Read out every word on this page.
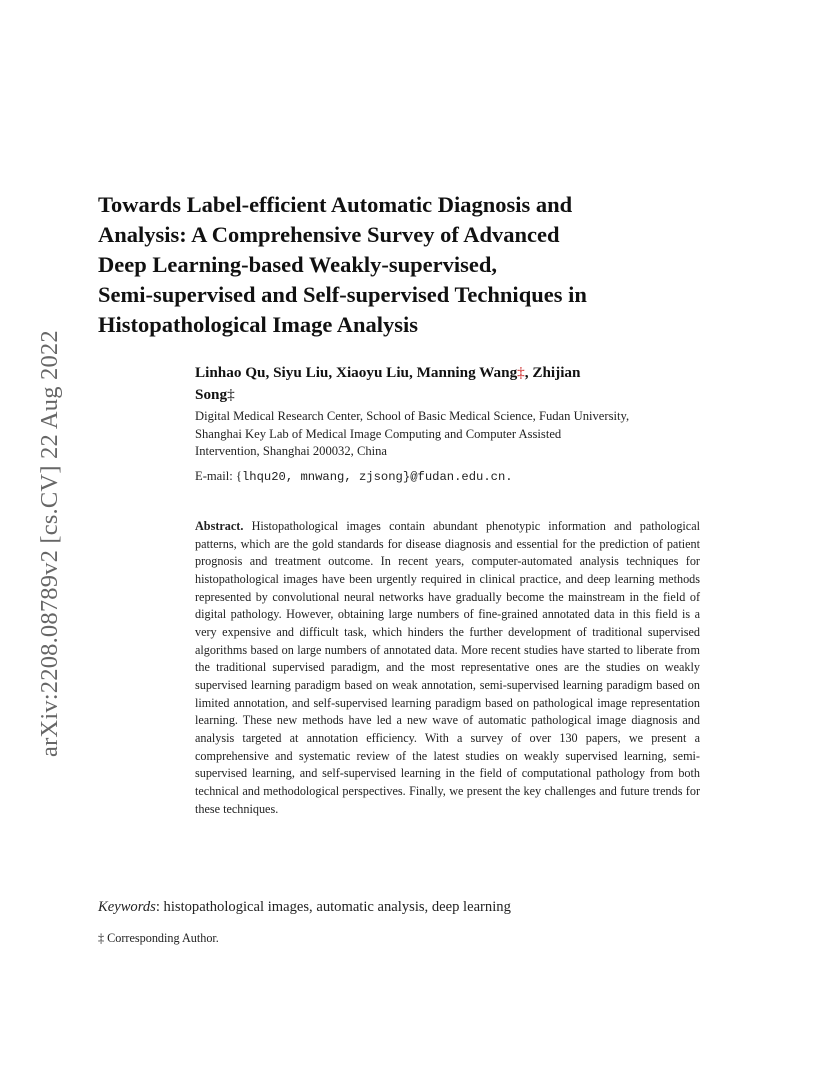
arXiv:2208.08789v2 [cs.CV] 22 Aug 2022
Towards Label-efficient Automatic Diagnosis and
Analysis: A Comprehensive Survey of Advanced
Deep Learning-based Weakly-supervised,
Semi-supervised and Self-supervised Techniques in
Histopathological Image Analysis
Linhao Qu, Siyu Liu, Xiaoyu Liu, Manning Wang‡, Zhijian
Song‡
Digital Medical Research Center, School of Basic Medical Science, Fudan University,
Shanghai Key Lab of Medical Image Computing and Computer Assisted
Intervention, Shanghai 200032, China
E-mail: {lhqu20, mnwang, zjsong}@fudan.edu.cn.
Abstract. Histopathological images contain abundant phenotypic information and pathological patterns, which are the gold standards for disease diagnosis and essential for the prediction of patient prognosis and treatment outcome. In recent years, computer-automated analysis techniques for histopathological images have been urgently required in clinical practice, and deep learning methods represented by convolutional neural networks have gradually become the mainstream in the field of digital pathology. However, obtaining large numbers of fine-grained annotated data in this field is a very expensive and difficult task, which hinders the further development of traditional supervised algorithms based on large numbers of annotated data. More recent studies have started to liberate from the traditional supervised paradigm, and the most representative ones are the studies on weakly supervised learning paradigm based on weak annotation, semi-supervised learning paradigm based on limited annotation, and self-supervised learning paradigm based on pathological image representation learning. These new methods have led a new wave of automatic pathological image diagnosis and analysis targeted at annotation efficiency. With a survey of over 130 papers, we present a comprehensive and systematic review of the latest studies on weakly supervised learning, semi-supervised learning, and self-supervised learning in the field of computational pathology from both technical and methodological perspectives. Finally, we present the key challenges and future trends for these techniques.
Keywords: histopathological images, automatic analysis, deep learning
‡ Corresponding Author.
